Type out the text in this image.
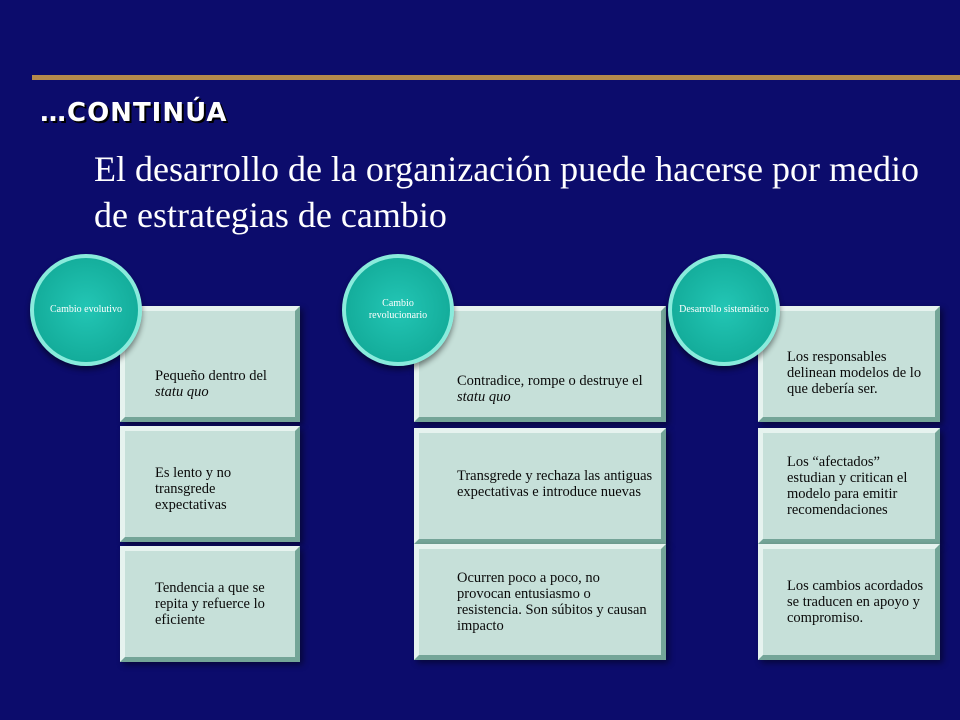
…CONTINÚA
El desarrollo de la organización puede hacerse por medio de estrategias de cambio
Cambio evolutivo
Pequeño dentro del statu quo
Es lento y no transgrede expectativas
Tendencia a que se repita y refuerce lo eficiente
Cambio revolucionario
Contradice, rompe o destruye el statu quo
Transgrede y rechaza las antiguas expectativas e introduce nuevas
Ocurren poco a poco, no provocan entusiasmo o resistencia. Son súbitos y causan impacto
Desarrollo sistemático
Los responsables delinean modelos de lo que debería ser.
Los “afectados” estudian y critican el modelo para emitir recomendaciones
Los cambios acordados se traducen en apoyo y compromiso.
